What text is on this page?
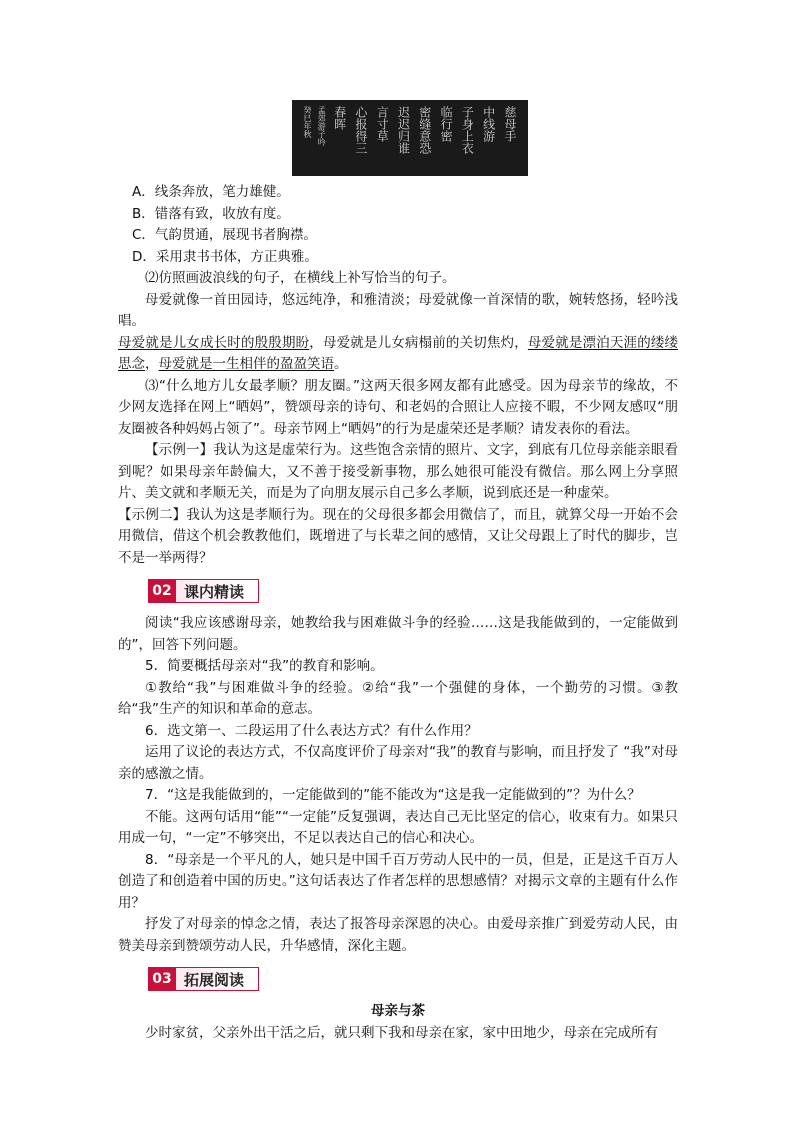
慈母手
中线游
子身上衣
临行密
密缝意恐
迟迟归谁
言寸草
心报得三
春晖
孟郊游子吟
癸巳年秋

A．线条奔放，笔力雄健。

B．错落有致，收放有度。

C．气韵贯通，展现书者胸襟。

D．采用隶书书体，方正典雅。

⑵仿照画波浪线的句子，在横线上补写恰当的句子。

母爱就像一首田园诗，悠远纯净，和雅清淡；母爱就像一首深情的歌，婉转悠扬，轻吟浅唱。

母爱就是儿女成长时的殷殷期盼，母爱就是儿女病榻前的关切焦灼，母爱就是漂泊天涯的缕缕思念，母爱就是一生相伴的盈盈笑语。

⑶“什么地方儿女最孝顺？朋友圈。”这两天很多网友都有此感受。因为母亲节的缘故，不少网友选择在网上“晒妈”，赞颂母亲的诗句、和老妈的合照让人应接不暇，不少网友感叹“朋友圈被各种妈妈占领了”。母亲节网上“晒妈”的行为是虚荣还是孝顺？请发表你的看法。

【示例一】我认为这是虚荣行为。这些饱含亲情的照片、文字，到底有几位母亲能亲眼看到呢？如果母亲年龄偏大，又不善于接受新事物，那么她很可能没有微信。那么网上分享照片、美文就和孝顺无关，而是为了向朋友展示自己多么孝顺，说到底还是一种虚荣。

【示例二】我认为这是孝顺行为。现在的父母很多都会用微信了，而且，就算父母一开始不会用微信，借这个机会教教他们，既增进了与长辈之间的感情，又让父母跟上了时代的脚步，岂不是一举两得？

02 课内精读

阅读“我应该感谢母亲，她教给我与困难做斗争的经验……这是我能做到的，一定能做到的”，回答下列问题。

5．简要概括母亲对“我”的教育和影响。

①教给“我”与困难做斗争的经验。②给“我”一个强健的身体，一个勤劳的习惯。③教给“我”生产的知识和革命的意志。

6．选文第一、二段运用了什么表达方式？有什么作用？

运用了议论的表达方式，不仅高度评价了母亲对“我”的教育与影响，而且抒发了 “我”对母亲的感激之情。

7．“这是我能做到的，一定能做到的”能不能改为“这是我一定能做到的”？为什么？

不能。这两句话用“能”“一定能”反复强调，表达自己无比坚定的信心，收束有力。如果只用成一句，“一定”不够突出，不足以表达自己的信心和决心。

8．“母亲是一个平凡的人，她只是中国千百万劳动人民中的一员，但是，正是这千百万人创造了和创造着中国的历史。”这句话表达了作者怎样的思想感情？对揭示文章的主题有什么作用？

抒发了对母亲的悼念之情，表达了报答母亲深恩的决心。由爱母亲推广到爱劳动人民，由赞美母亲到赞颂劳动人民，升华感情，深化主题。

03 拓展阅读

母亲与茶

少时家贫，父亲外出干活之后，就只剩下我和母亲在家，家中田地少，母亲在完成所有
